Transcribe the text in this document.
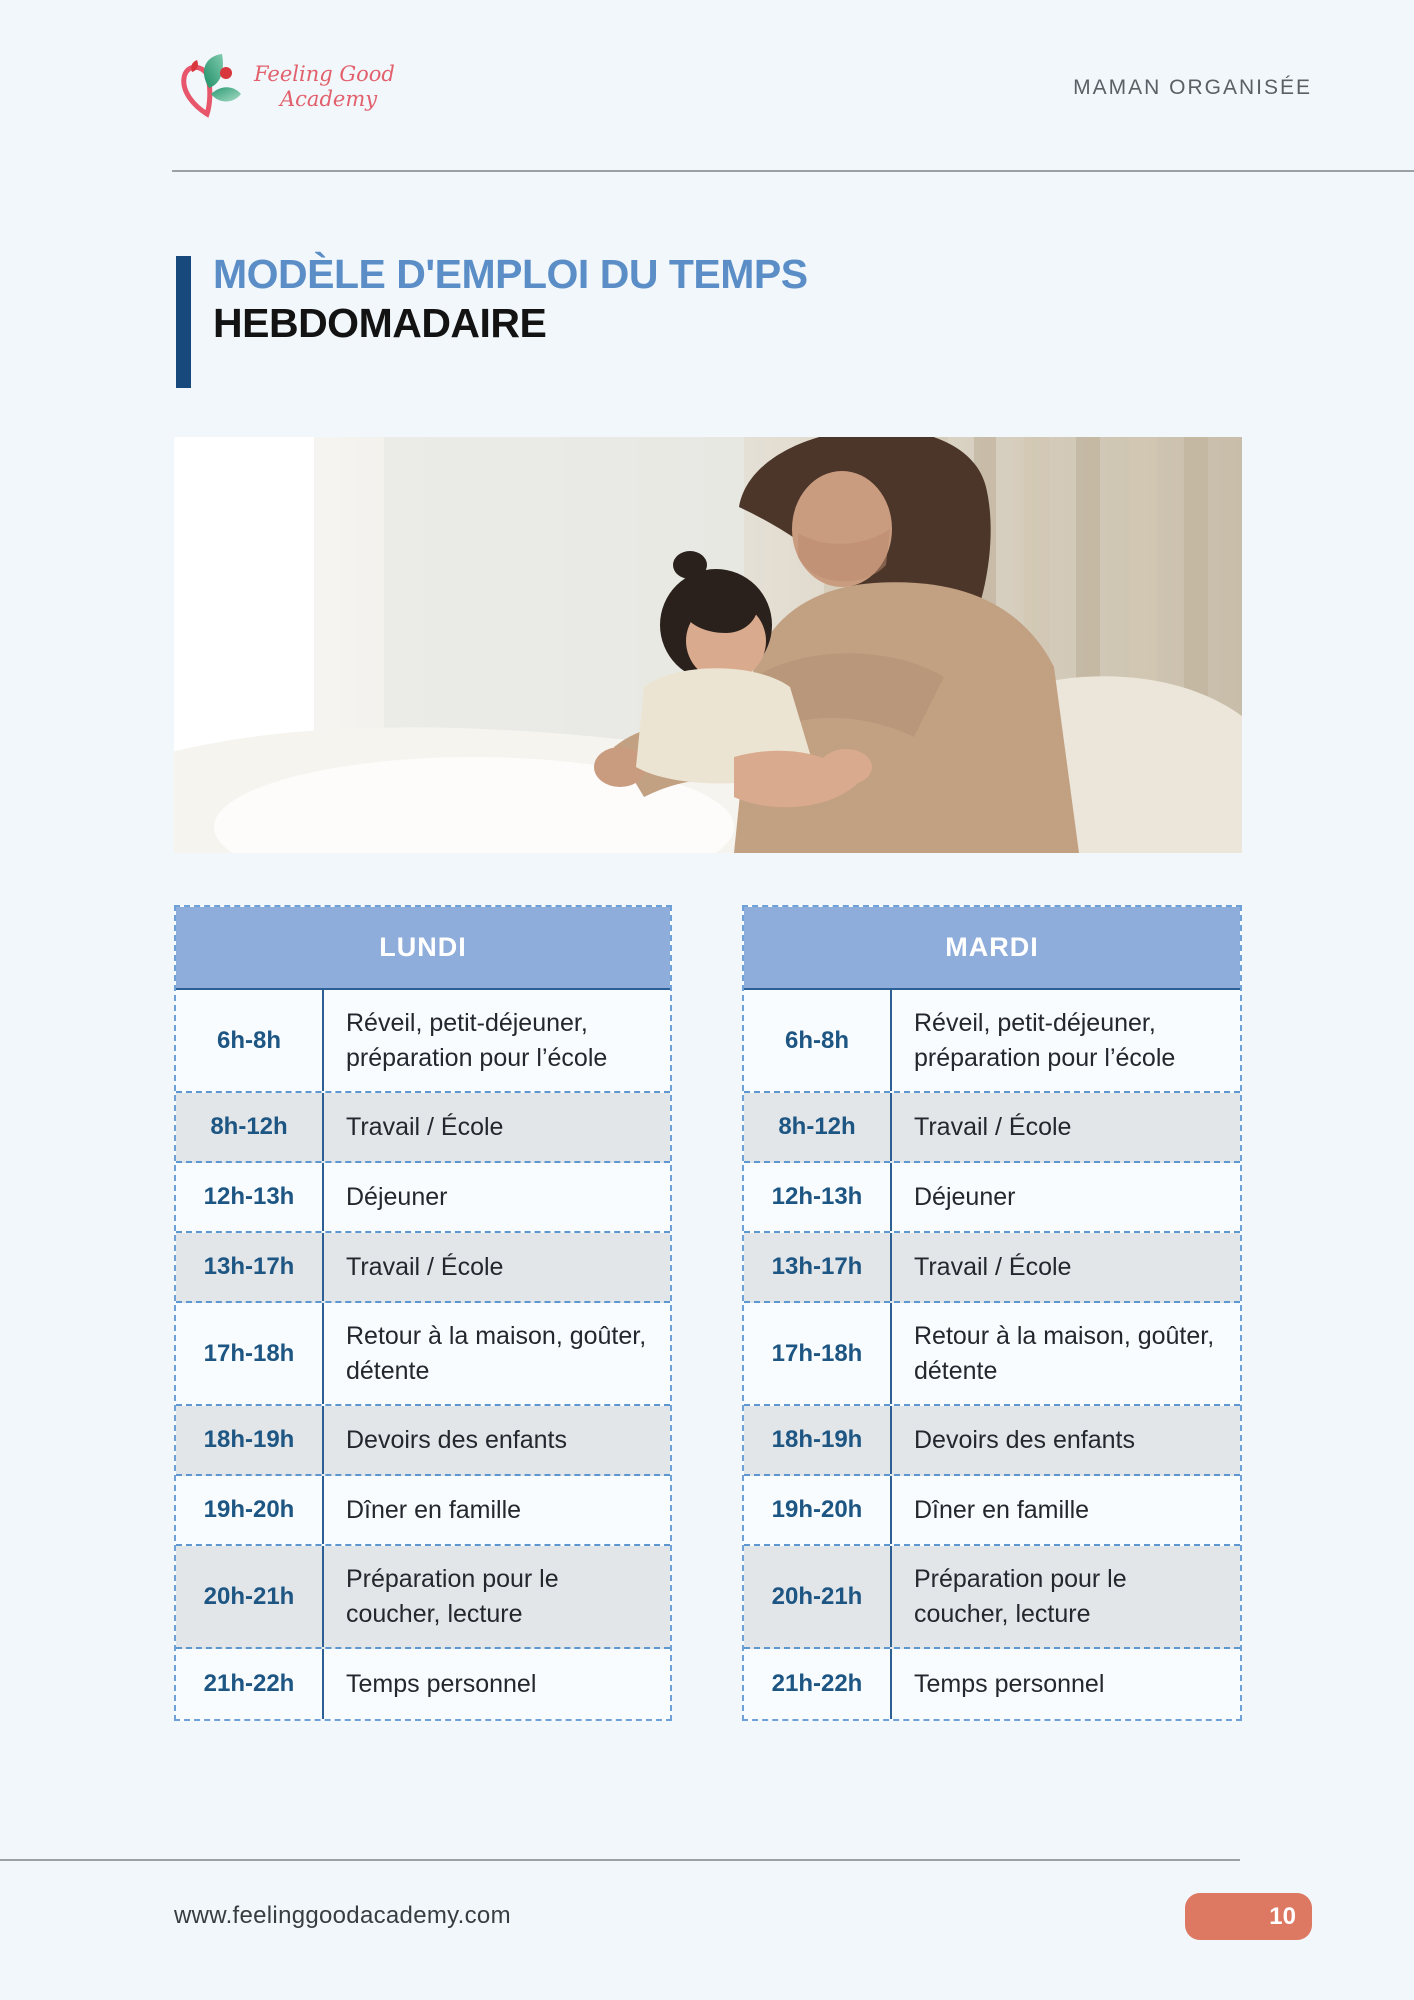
Feeling Good
Academy	MAMAN ORGANISÉE
MODÈLE D'EMPLOI DU TEMPS
HEBDOMADAIRE
LUNDI
6h-8h
Réveil, petit-déjeuner, préparation pour l’école
8h-12h	Travail / École
12h-13h	Déjeuner
13h-17h	Travail / École
17h-18h
Retour à la maison, goûter, détente
18h-19h	Devoirs des enfants
19h-20h	Dîner en famille
20h-21h
Préparation pour le coucher, lecture
21h-22h	Temps personnel
MARDI
6h-8h
Réveil, petit-déjeuner, préparation pour l’école
8h-12h	Travail / École
12h-13h	Déjeuner
13h-17h	Travail / École
17h-18h
Retour à la maison, goûter, détente
18h-19h	Devoirs des enfants
19h-20h	Dîner en famille
20h-21h
Préparation pour le coucher, lecture
21h-22h	Temps personnel
www.feelinggoodacademy.com	10
